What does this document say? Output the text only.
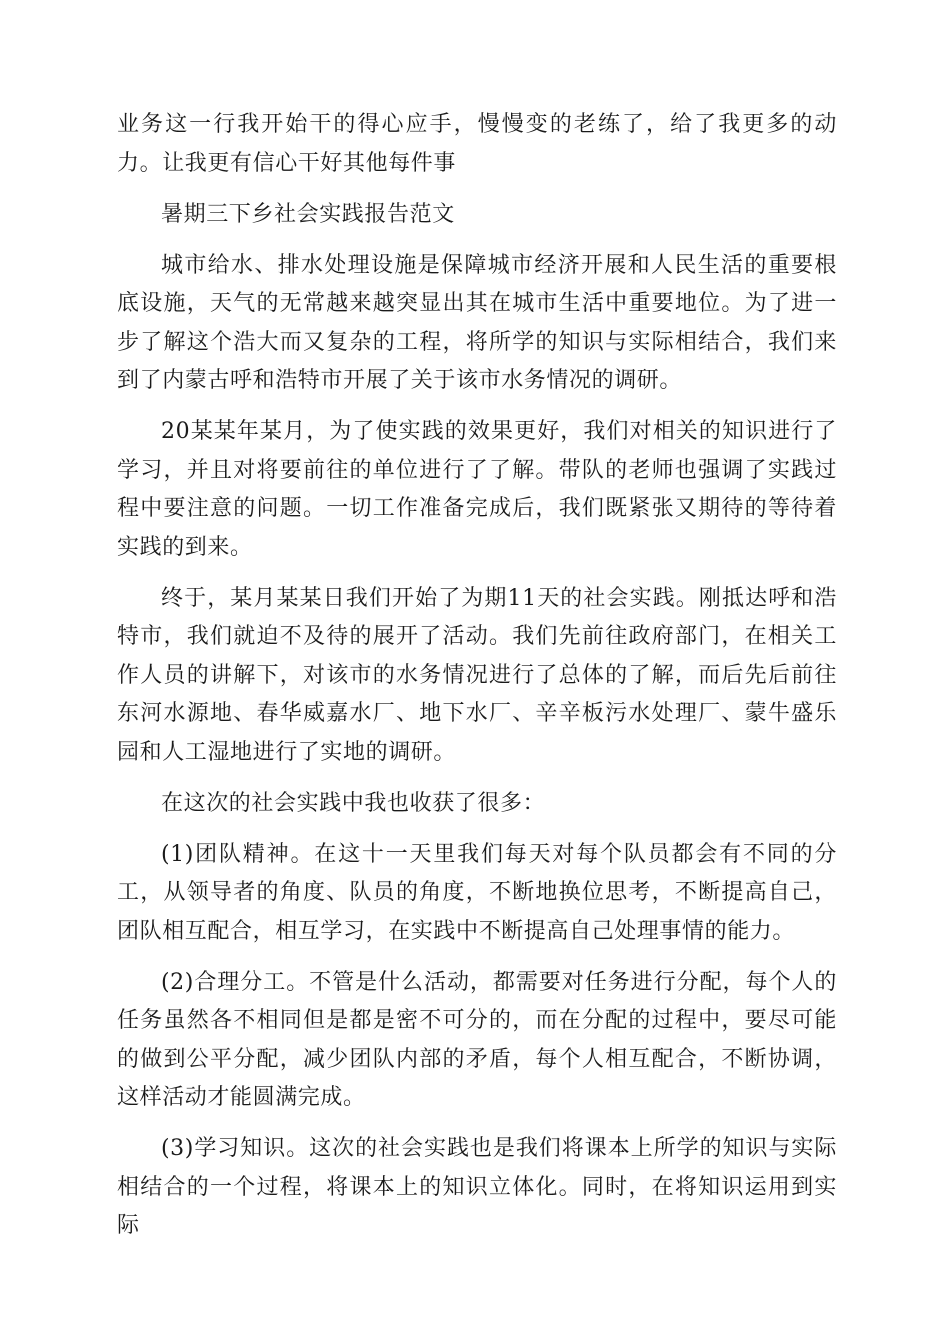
业务这一行我开始干的得心应手，慢慢变的老练了，给了我更多的动力。让我更有信心干好其他每件事

暑期三下乡社会实践报告范文

城市给水、排水处理设施是保障城市经济开展和人民生活的重要根底设施，天气的无常越来越突显出其在城市生活中重要地位。为了进一步了解这个浩大而又复杂的工程，将所学的知识与实际相结合，我们来到了内蒙古呼和浩特市开展了关于该市水务情况的调研。

20某某年某月，为了使实践的效果更好，我们对相关的知识进行了学习，并且对将要前往的单位进行了了解。带队的老师也强调了实践过程中要注意的问题。一切工作准备完成后，我们既紧张又期待的等待着实践的到来。

终于，某月某某日我们开始了为期11天的社会实践。刚抵达呼和浩特市，我们就迫不及待的展开了活动。我们先前往政府部门，在相关工作人员的讲解下，对该市的水务情况进行了总体的了解，而后先后前往东河水源地、春华威嘉水厂、地下水厂、辛辛板污水处理厂、蒙牛盛乐园和人工湿地进行了实地的调研。

在这次的社会实践中我也收获了很多：

(1)团队精神。在这十一天里我们每天对每个队员都会有不同的分工，从领导者的角度、队员的角度，不断地换位思考，不断提高自己，团队相互配合，相互学习，在实践中不断提高自己处理事情的能力。

(2)合理分工。不管是什么活动，都需要对任务进行分配，每个人的任务虽然各不相同但是都是密不可分的，而在分配的过程中，要尽可能的做到公平分配，减少团队内部的矛盾，每个人相互配合，不断协调，这样活动才能圆满完成。

(3)学习知识。这次的社会实践也是我们将课本上所学的知识与实际相结合的一个过程，将课本上的知识立体化。同时，在将知识运用到实际
